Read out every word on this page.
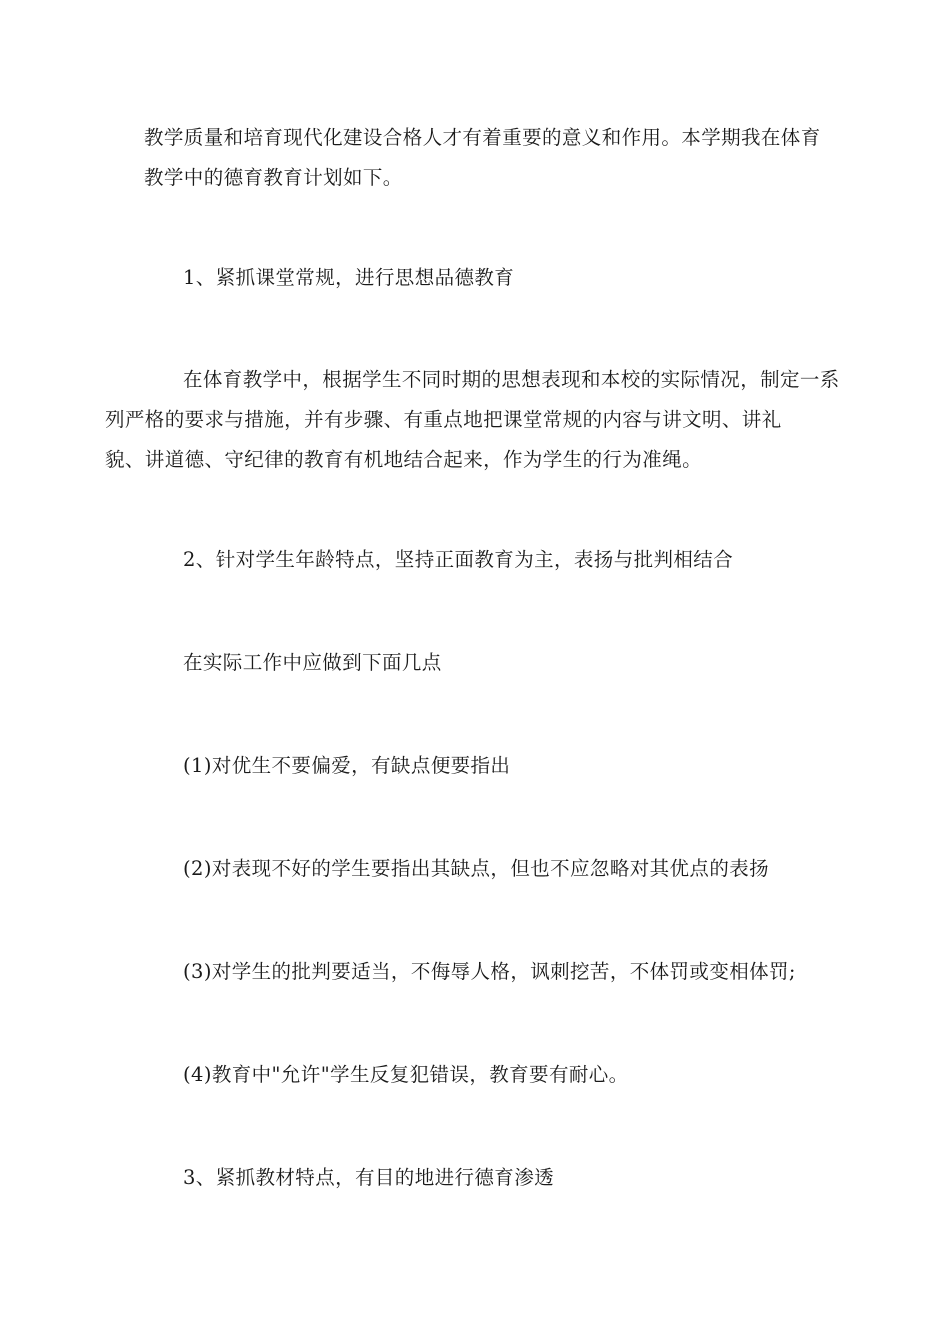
教学质量和培育现代化建设合格人才有着重要的意义和作用。本学期我在体育
教学中的德育教育计划如下。

1、紧抓课堂常规，进行思想品德教育

在体育教学中，根据学生不同时期的思想表现和本校的实际情况，制定一系
列严格的要求与措施，并有步骤、有重点地把课堂常规的内容与讲文明、讲礼
貌、讲道德、守纪律的教育有机地结合起来，作为学生的行为准绳。

2、针对学生年龄特点，坚持正面教育为主，表扬与批判相结合

在实际工作中应做到下面几点

(1)对优生不要偏爱，有缺点便要指出

(2)对表现不好的学生要指出其缺点，但也不应忽略对其优点的表扬

(3)对学生的批判要适当，不侮辱人格，讽刺挖苦，不体罚或变相体罚;

(4)教育中"允许"学生反复犯错误，教育要有耐心。

3、紧抓教材特点，有目的地进行德育渗透
